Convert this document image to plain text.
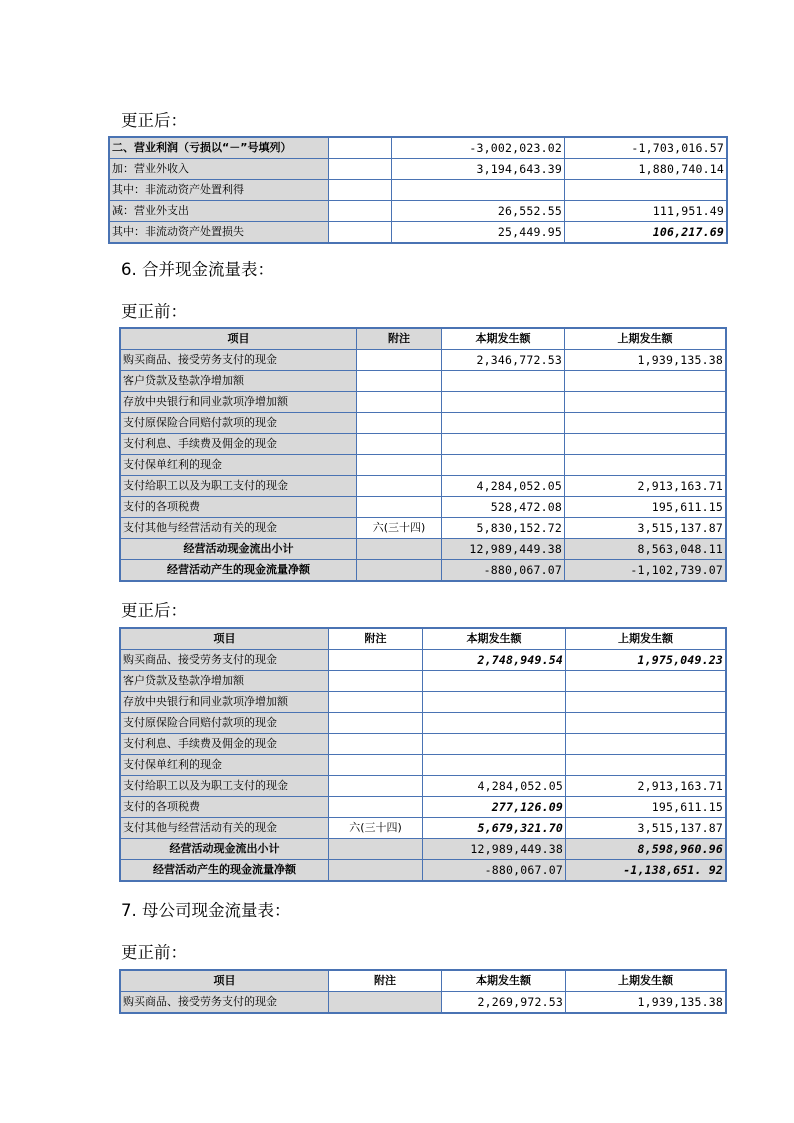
更正后：
二、营业利润（亏损以“－”号填列）		-3,002,023.02	-1,703,016.57
加：营业外收入		3,194,643.39	1,880,740.14
其中：非流动资产处置利得			
减：营业外支出		26,552.55	111,951.49
其中：非流动资产处置损失		25,449.95	106,217.69
6. 合并现金流量表：
更正前：
项目	附注	本期发生额	上期发生额
购买商品、接受劳务支付的现金		2,346,772.53	1,939,135.38
客户贷款及垫款净增加额			
存放中央银行和同业款项净增加额			
支付原保险合同赔付款项的现金			
支付利息、手续费及佣金的现金			
支付保单红利的现金			
支付给职工以及为职工支付的现金		4,284,052.05	2,913,163.71
支付的各项税费		528,472.08	195,611.15
支付其他与经营活动有关的现金	六(三十四)	5,830,152.72	3,515,137.87
经营活动现金流出小计		12,989,449.38	8,563,048.11
经营活动产生的现金流量净额		-880,067.07	-1,102,739.07
更正后：
项目	附注	本期发生额	上期发生额
购买商品、接受劳务支付的现金		2,748,949.54	1,975,049.23
客户贷款及垫款净增加额			
存放中央银行和同业款项净增加额			
支付原保险合同赔付款项的现金			
支付利息、手续费及佣金的现金			
支付保单红利的现金			
支付给职工以及为职工支付的现金		4,284,052.05	2,913,163.71
支付的各项税费		277,126.09	195,611.15
支付其他与经营活动有关的现金	六(三十四)	5,679,321.70	3,515,137.87
经营活动现金流出小计		12,989,449.38	8,598,960.96
经营活动产生的现金流量净额		-880,067.07	-1,138,651. 92
7. 母公司现金流量表：
更正前：
项目	附注	本期发生额	上期发生额
购买商品、接受劳务支付的现金		2,269,972.53	1,939,135.38
